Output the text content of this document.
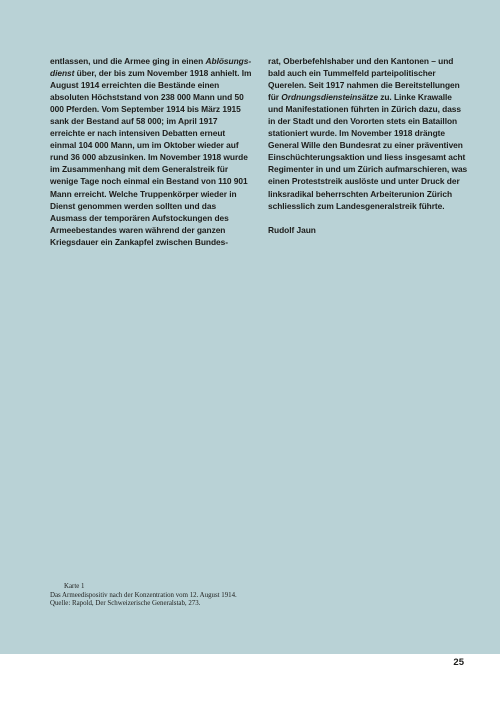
entlassen, und die Armee ging in einen Ablösungsdienst über, der bis zum November 1918 anhielt. Im August 1914 erreichten die Bestände einen absoluten Höchststand von 238 000 Mann und 50 000 Pferden. Vom September 1914 bis März 1915 sank der Bestand auf 58 000; im April 1917 erreichte er nach intensiven Debatten erneut einmal 104 000 Mann, um im Oktober wieder auf rund 36 000 abzusinken. Im November 1918 wurde im Zusammenhang mit dem Generalstreik für wenige Tage noch einmal ein Bestand von 110 901 Mann erreicht. Welche Truppenkörper wieder in Dienst genommen werden sollten und das Ausmass der temporären Aufstockungen des Armeebestandes waren während der ganzen Kriegsdauer ein Zankapfel zwischen Bundes-

rat, Oberbefehlshaber und den Kantonen – und bald auch ein Tummelfeld parteipolitischer Querelen. Seit 1917 nahmen die Bereitstellungen für Ordnungsdiensteinsätze zu. Linke Krawalle und Manifestationen führten in Zürich dazu, dass in der Stadt und den Vororten stets ein Bataillon stationiert wurde. Im November 1918 drängte General Wille den Bundesrat zu einer präventiven Einschüchterungsaktion und liess insgesamt acht Regimenter in und um Zürich aufmarschieren, was einen Proteststreik auslöste und unter Druck der linksradikal beherrschten Arbeiterunion Zürich schliesslich zum Landesgeneralstreik führte.

Rudolf Jaun

Karte 1
Das Armeedispositiv nach der Konzentration vom 12. August 1914. Quelle: Rapold, Der Schweizerische Generalstab, 273.
25
